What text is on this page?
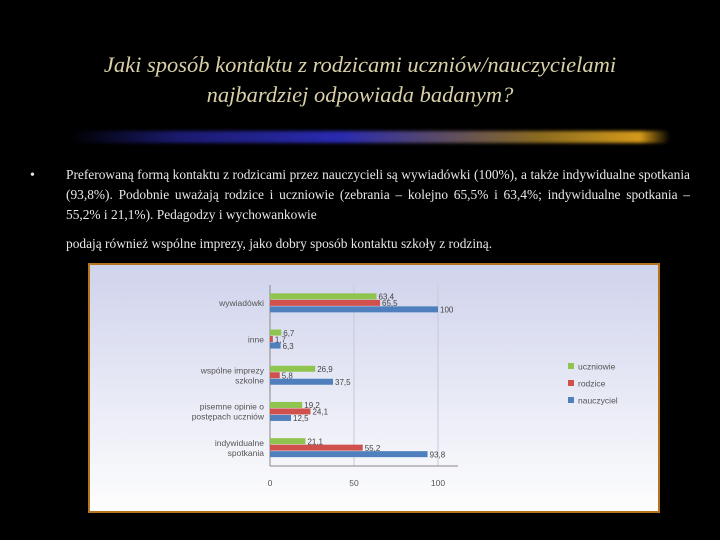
Jaki sposób kontaktu z rodzicami uczniów/nauczycielami
najbardziej odpowiada badanym?
• Preferowaną formą kontaktu z rodzicami przez nauczycieli są wywiadówki (100%), a także indywidualne spotkania (93,8%). Podobnie uważają rodzice i uczniowie (zebrania – kolejno 65,5% i 63,4%; indywidualne spotkania – 55,2% i 21,1%). Pedagodzy i wychowankowie
podają również wspólne imprezy, jako dobry sposób kontaktu szkoły z rodziną.
0	50	100
wywiadówki
63,4
65,5
100
inne
6,7
1,7
6,3
wspólne imprezy szkolne
26,9
5,8
37,5
pisemne opinie o postępach uczniów
19,2
24,1
12,5
indywidualne spotkania
21,1
55,2
93,8
uczniowie
rodzice
nauczyciel
